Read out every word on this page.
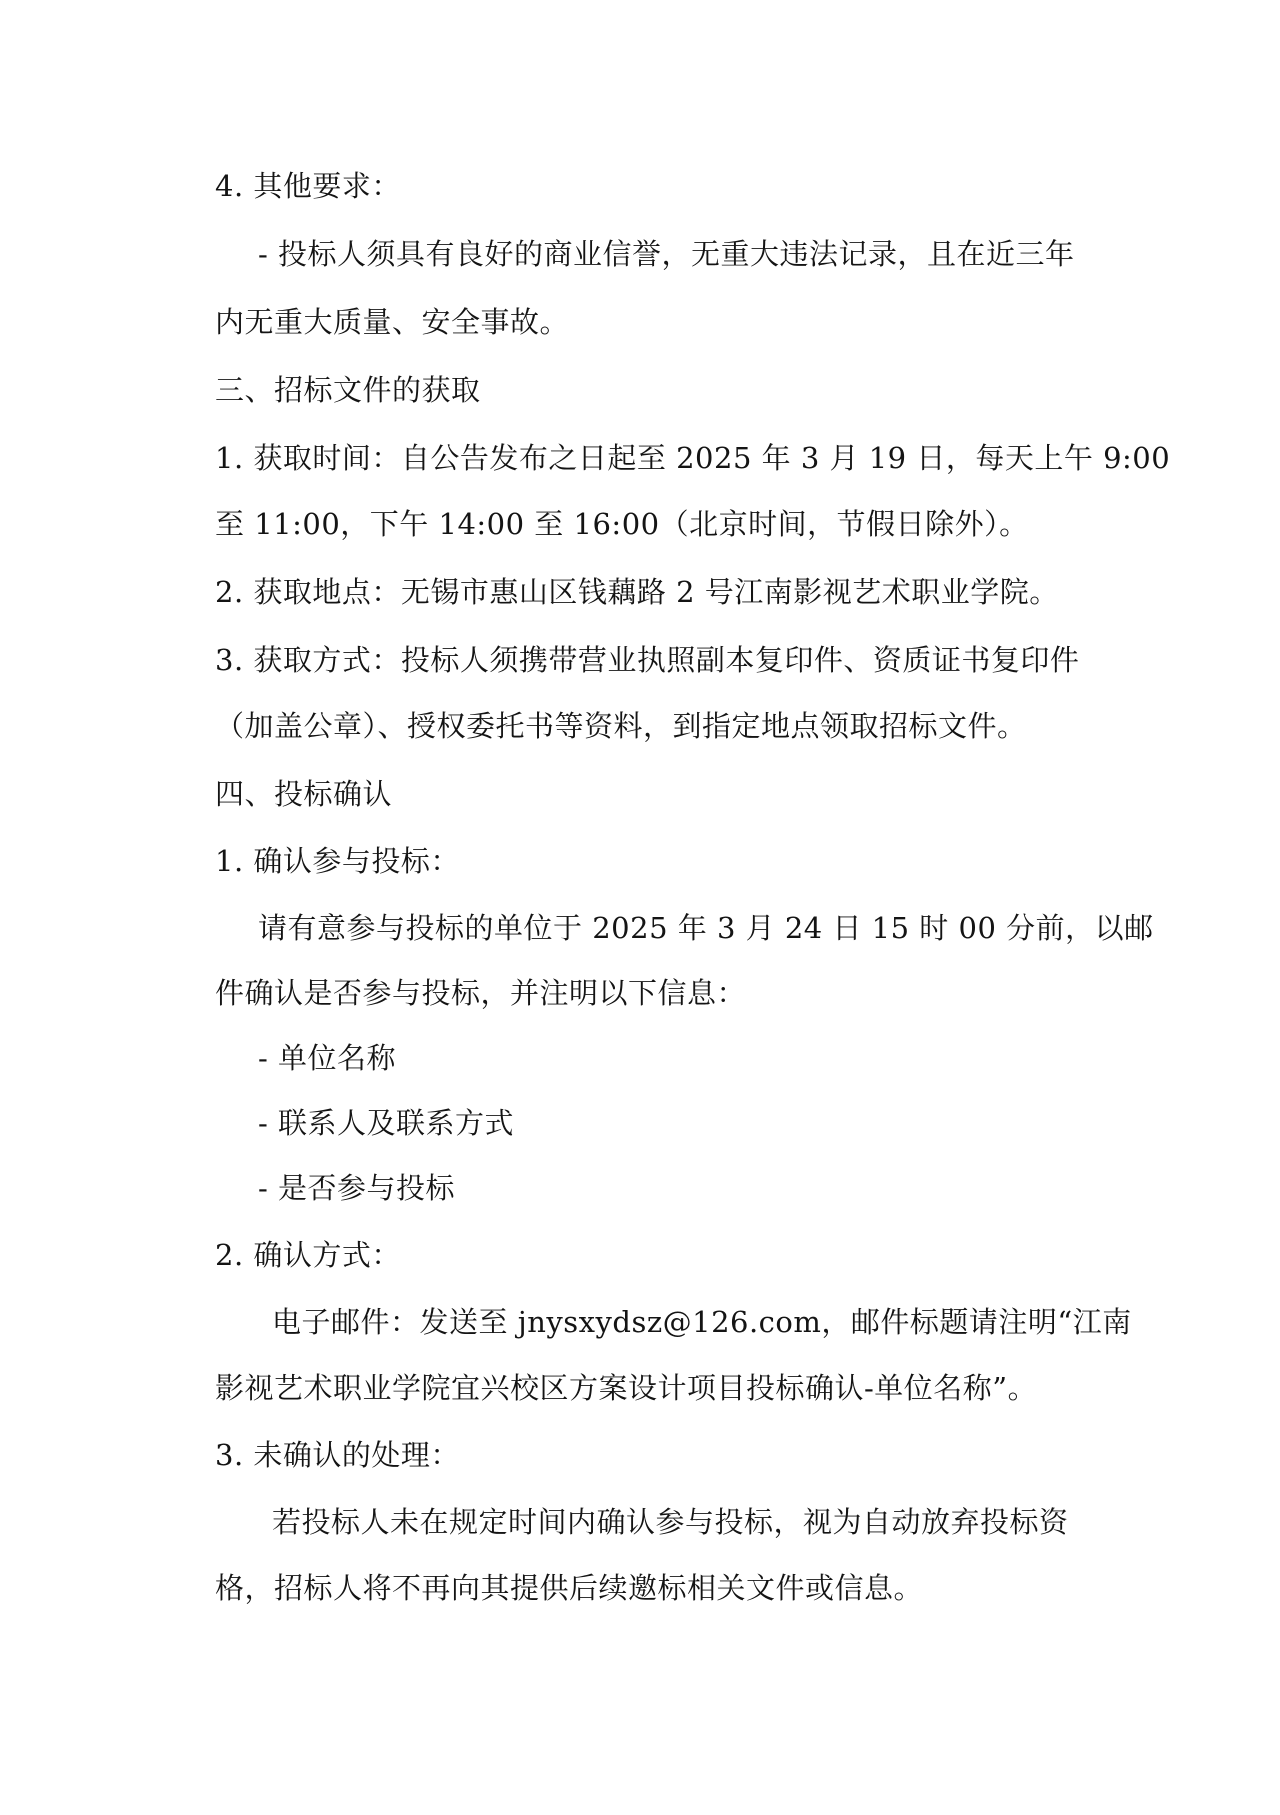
4. 其他要求：
- 投标人须具有良好的商业信誉，无重大违法记录，且在近三年
内无重大质量、安全事故。
三、招标文件的获取
1. 获取时间：自公告发布之日起至 2025 年 3 月 19 日，每天上午 9:00
至 11:00，下午 14:00 至 16:00（北京时间，节假日除外）。
2. 获取地点：无锡市惠山区钱藕路 2 号江南影视艺术职业学院。
3. 获取方式：投标人须携带营业执照副本复印件、资质证书复印件
（加盖公章）、授权委托书等资料，到指定地点领取招标文件。
四、投标确认
1. 确认参与投标：
请有意参与投标的单位于 2025 年 3 月 24 日 15 时 00 分前，以邮
件确认是否参与投标，并注明以下信息：
- 单位名称
- 联系人及联系方式
- 是否参与投标
2. 确认方式：
电子邮件：发送至 jnysxydsz@126.com，邮件标题请注明“江南
影视艺术职业学院宜兴校区方案设计项目投标确认-单位名称”。
3. 未确认的处理：
若投标人未在规定时间内确认参与投标，视为自动放弃投标资
格，招标人将不再向其提供后续邀标相关文件或信息。
